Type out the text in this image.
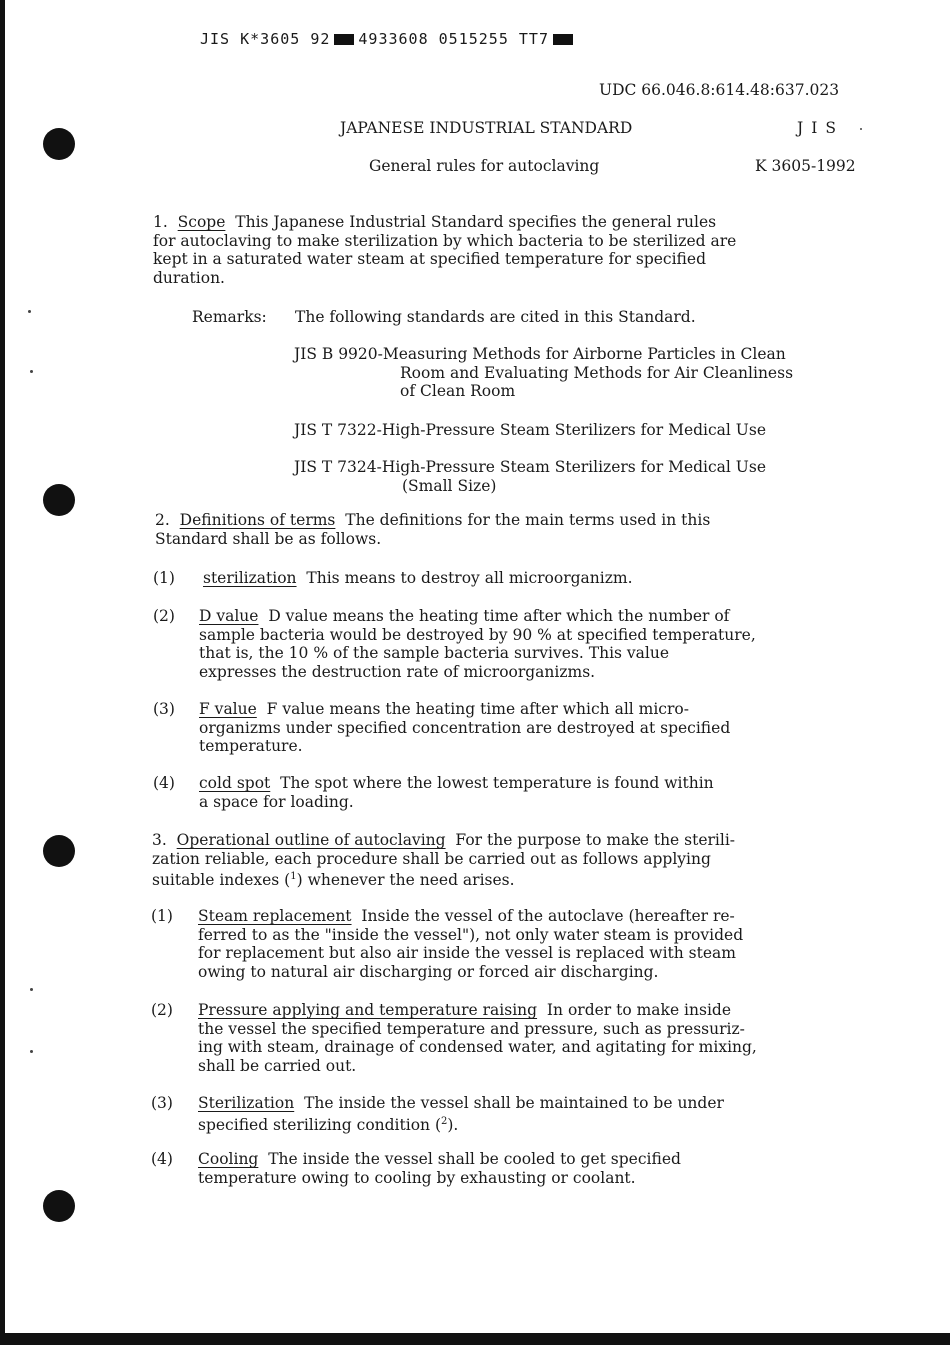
JIS K*3605 92 4933608 0515255 TT7
UDC 66.046.8:614.48:637.023
JAPANESE INDUSTRIAL STANDARD	JIS
General rules for autoclaving	K 3605-1992
1. Scope This Japanese Industrial Standard specifies the general rules
for autoclaving to make sterilization by which bacteria to be sterilized are
kept in a saturated water steam at specified temperature for specified
duration.
Remarks: The following standards are cited in this Standard.
JIS B 9920-Measuring Methods for Airborne Particles in Clean
Room and Evaluating Methods for Air Cleanliness
of Clean Room
JIS T 7322-High-Pressure Steam Sterilizers for Medical Use
JIS T 7324-High-Pressure Steam Sterilizers for Medical Use
(Small Size)
2. Definitions of terms The definitions for the main terms used in this
Standard shall be as follows.
(1) sterilization This means to destroy all microorganizm.
(2) D value D value means the heating time after which the number of
sample bacteria would be destroyed by 90 % at specified temperature,
that is, the 10 % of the sample bacteria survives. This value
expresses the destruction rate of microorganizms.
(3) F value F value means the heating time after which all micro-
organizms under specified concentration are destroyed at specified
temperature.
(4) cold spot The spot where the lowest temperature is found within
a space for loading.
3. Operational outline of autoclaving For the purpose to make the sterili-
zation reliable, each procedure shall be carried out as follows applying
suitable indexes ($^1$) whenever the need arises.
(1) Steam replacement Inside the vessel of the autoclave (hereafter re-
ferred to as the "inside the vessel"), not only water steam is provided
for replacement but also air inside the vessel is replaced with steam
owing to natural air discharging or forced air discharging.
(2) Pressure applying and temperature raising In order to make inside
the vessel the specified temperature and pressure, such as pressuriz-
ing with steam, drainage of condensed water, and agitating for mixing,
shall be carried out.
(3) Sterilization The inside the vessel shall be maintained to be under
specified sterilizing condition ($^2$).
(4) Cooling The inside the vessel shall be cooled to get specified
temperature owing to cooling by exhausting or coolant.
